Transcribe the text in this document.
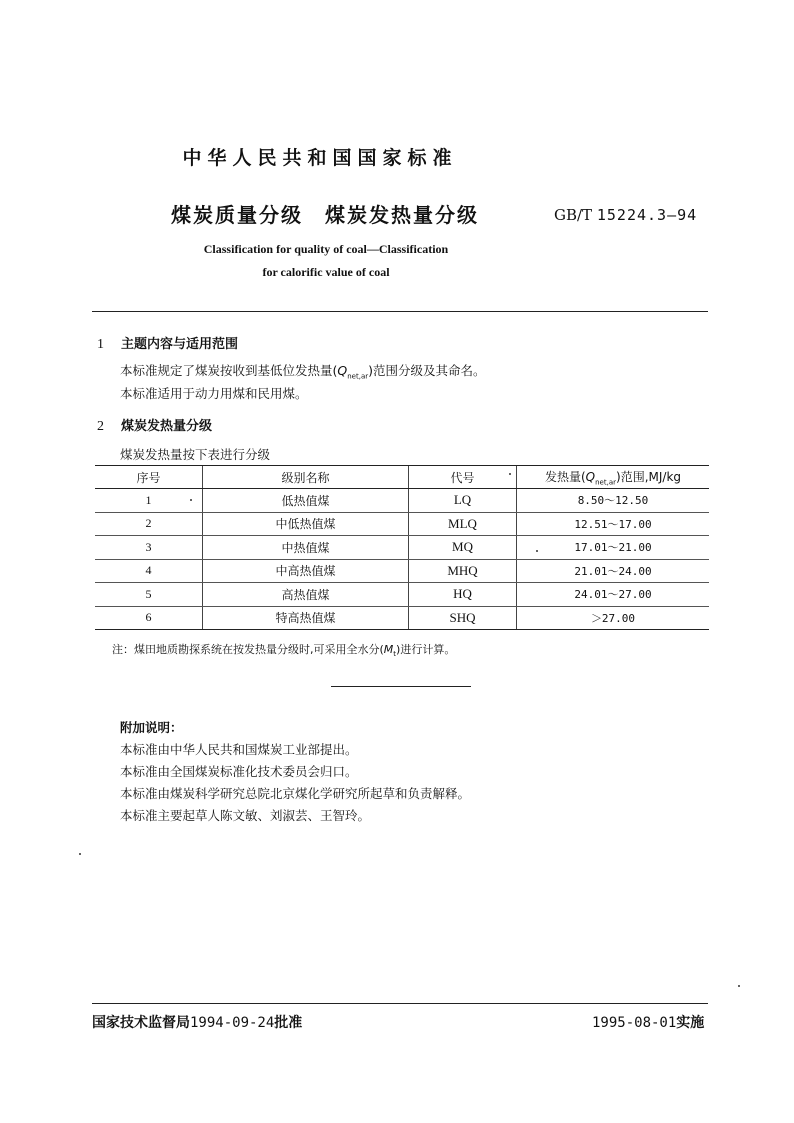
中华人民共和国国家标准
煤炭质量分级　煤炭发热量分级	GB/T 15224.3—94
Classification for quality of coal—Classification
for calorific value of coal
1 主题内容与适用范围
本标准规定了煤炭按收到基低位发热量$(Q_{net,ar})$范围分级及其命名。
本标准适用于动力用煤和民用煤。
2 煤炭发热量分级
煤炭发热量按下表进行分级
序号	级别名称	代号	发热量$(Q_{net,ar})$范围,MJ/kg
1	低热值煤	LQ	8.50～12.50
2	中低热值煤	MLQ	12.51～17.00
3	中热值煤	MQ	17.01～21.00
4	中高热值煤	MHQ	21.01～24.00
5	高热值煤	HQ	24.01～27.00
6	特高热值煤	SHQ	＞27.00
注：煤田地质勘探系统在按发热量分级时,可采用全水分$(M_t)$进行计算。
附加说明：
本标准由中华人民共和国煤炭工业部提出。
本标准由全国煤炭标准化技术委员会归口。
本标准由煤炭科学研究总院北京煤化学研究所起草和负责解释。
本标准主要起草人陈文敏、刘淑芸、王智玲。
国家技术监督局1994-09-24批准	1995-08-01实施
